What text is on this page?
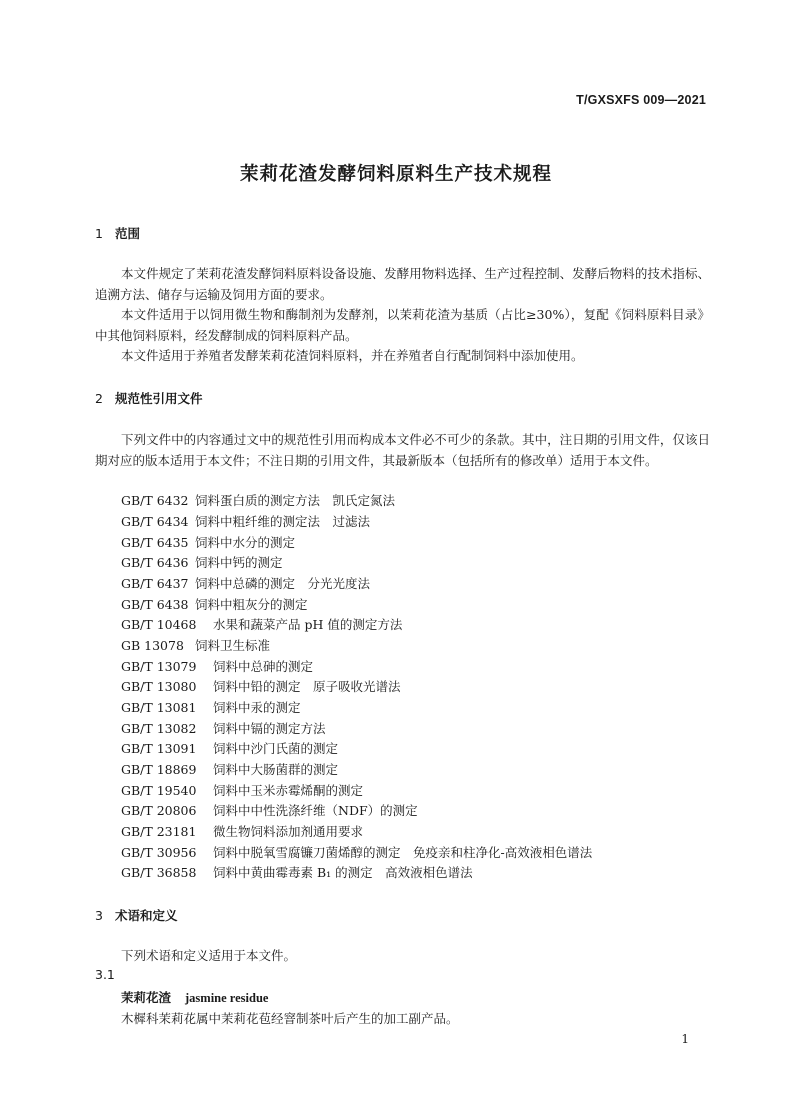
T/GXSXFS 009—2021
茉莉花渣发酵饲料原料生产技术规程
1 范围
本文件规定了茉莉花渣发酵饲料原料设备设施、发酵用物料选择、生产过程控制、发酵后物料的技术指标、追溯方法、储存与运输及饲用方面的要求。
本文件适用于以饲用微生物和酶制剂为发酵剂，以茉莉花渣为基质（占比≥30%），复配《饲料原料目录》中其他饲料原料，经发酵制成的饲料原料产品。
本文件适用于养殖者发酵茉莉花渣饲料原料，并在养殖者自行配制饲料中添加使用。
2 规范性引用文件
下列文件中的内容通过文中的规范性引用而构成本文件必不可少的条款。其中，注日期的引用文件，仅该日期对应的版本适用于本文件；不注日期的引用文件，其最新版本（包括所有的修改单）适用于本文件。
GB/T 6432 饲料蛋白质的测定方法　凯氏定氮法
GB/T 6434 饲料中粗纤维的测定法　过滤法
GB/T 6435 饲料中水分的测定
GB/T 6436 饲料中钙的测定
GB/T 6437 饲料中总磷的测定　分光光度法
GB/T 6438 饲料中粗灰分的测定
GB/T 10468 水果和蔬菜产品 pH 值的测定方法
GB 13078 饲料卫生标准
GB/T 13079 饲料中总砷的测定
GB/T 13080 饲料中铅的测定　原子吸收光谱法
GB/T 13081 饲料中汞的测定
GB/T 13082 饲料中镉的测定方法
GB/T 13091 饲料中沙门氏菌的测定
GB/T 18869 饲料中大肠菌群的测定
GB/T 19540 饲料中玉米赤霉烯酮的测定
GB/T 20806 饲料中中性洗涤纤维（NDF）的测定
GB/T 23181 微生物饲料添加剂通用要求
GB/T 30956 饲料中脱氧雪腐镰刀菌烯醇的测定　免疫亲和柱净化-高效液相色谱法
GB/T 36858 饲料中黄曲霉毒素 B₁ 的测定　高效液相色谱法
3 术语和定义
下列术语和定义适用于本文件。
3.1
茉莉花渣 jasmine residue
木樨科茉莉花属中茉莉花苞经窨制茶叶后产生的加工副产品。
1
